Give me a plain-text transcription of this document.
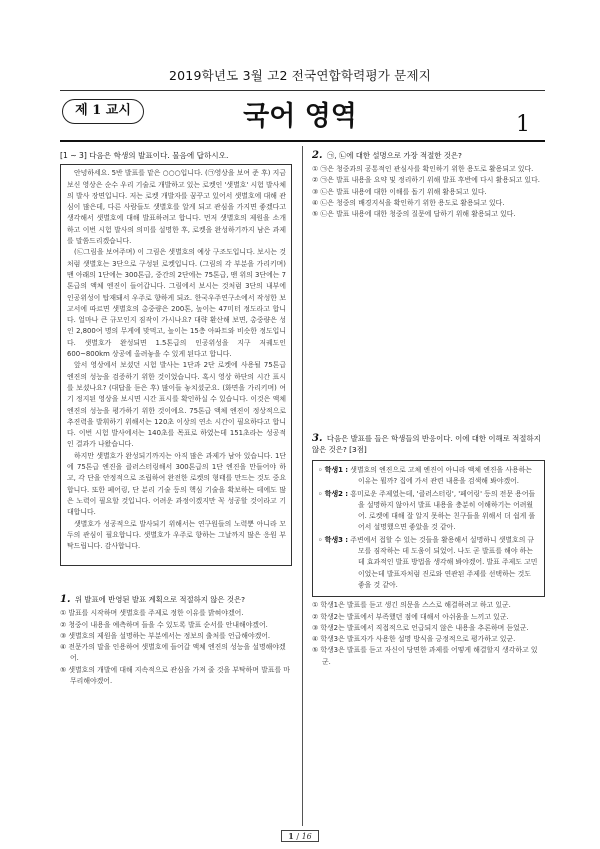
2019학년도 3월 고2 전국연합학력평가 문제지
제 1 교시	국어 영역	1
[1 ~ 3] 다음은 학생의 발표이다. 물음에 답하시오.

안녕하세요. 5반 발표를 맡은 ○○○입니다. (㉠영상을 보여 준 후) 지금 보신 영상은 순수 우리 기술로 개발하고 있는 로켓인 '샛별호' 시험 발사체의 발사 장면입니다. 저는 로켓 개발자를 꿈꾸고 있어서 샛별호에 대해 관심이 많은데, 다른 사람들도 샛별호를 알게 되고 관심을 가지면 좋겠다고 생각해서 샛별호에 대해 발표하려고 합니다. 먼저 샛별호의 제원을 소개하고 이번 시험 발사의 의미를 설명한 후, 로켓을 완성하기까지 남은 과제를 말씀드리겠습니다.

(㉡그림을 보여주며) 이 그림은 샛별호의 예상 구조도입니다. 보시는 것처럼 샛별호는 3단으로 구성된 로켓입니다. (그림의 각 부분을 가리키며) 맨 아래의 1단에는 300톤급, 중간의 2단에는 75톤급, 맨 위의 3단에는 7톤급의 액체 엔진이 들어갑니다. 그림에서 보시는 것처럼 3단의 내부에 인공위성이 탑재돼서 우주로 향하게 되죠. 한국우주연구소에서 작성한 보고서에 따르면 샛별호의 총중량은 200톤, 높이는 47미터 정도라고 합니다. 얼마나 큰 규모인지 짐작이 가시나요? 대략 환산해 보면, 총중량은 성인 2,800여 명의 무게에 맞먹고, 높이는 15층 아파트와 비슷한 정도입니다. 샛별호가 완성되면 1.5톤급의 인공위성을 지구 저궤도인 600~800km 상공에 올려놓을 수 있게 된다고 합니다.

앞서 영상에서 보셨던 시험 발사는 1단과 2단 로켓에 사용될 75톤급 엔진의 성능을 검증하기 위한 것이었습니다. 혹시 영상 하단의 시간 표시를 보셨나요? (대답을 듣은 후) 많이들 놓치셨군요. (화면을 가리키며) 여기 정지된 영상을 보시면 시간 표시를 확인하실 수 있습니다. 이것은 액체 엔진의 성능을 평가하기 위한 것이에요. 75톤급 액체 엔진이 정상적으로 추진력을 발휘하기 위해서는 120초 이상의 연소 시간이 필요하다고 합니다. 이번 시험 발사에서는 140초를 목표로 하였는데 151초라는 성공적인 결과가 나왔습니다.

하지만 샛별호가 완성되기까지는 아직 많은 과제가 남아 있습니다. 1단에 75톤급 엔진을 클러스터링해서 300톤급의 1단 엔진을 만들어야 하고, 각 단을 안정적으로 조립하여 완전한 로켓의 형태를 만드는 것도 중요합니다. 또한 페어링, 단 분리 기술 등의 핵심 기술을 확보하는 데에도 많은 노력이 필요할 것입니다. 어려운 과정이겠지만 꼭 성공할 것이라고 기대합니다.

샛별호가 성공적으로 발사되기 위해서는 연구원들의 노력뿐 아니라 모두의 관심이 필요합니다. 샛별호가 우주로 향하는 그날까지 많은 응원 부탁드립니다. 감사합니다.

1. 위 발표에 반영된 발표 계획으로 적절하지 않은 것은?
① 발표를 시작하며 샛별호를 주제로 정한 이유를 밝혀야겠어.
② 청중이 내용을 예측하며 들을 수 있도록 발표 순서를 안내해야겠어.
③ 샛별호의 제원을 설명하는 부분에서는 정보의 출처를 언급해야겠어.
④ 전문가의 말을 인용하여 샛별호에 들어갈 액체 엔진의 성능을 설명해야겠어.
⑤ 샛별호의 개발에 대해 지속적으로 관심을 가져 줄 것을 부탁하며 발표를 마무리해야겠어.
2. ㉠, ㉡에 대한 설명으로 가장 적절한 것은?
① ㉠은 청중과의 공통적인 관심사를 확인하기 위한 용도로 활용되고 있다.
② ㉠은 발표 내용을 요약 및 정리하기 위해 발표 후반에 다시 활용되고 있다.
③ ㉡은 발표 내용에 대한 이해를 돕기 위해 활용되고 있다.
④ ㉡은 청중의 배경지식을 확인하기 위한 용도로 활용되고 있다.
⑤ ㉡은 발표 내용에 대한 청중의 질문에 답하기 위해 활용되고 있다.
3. 다음은 발표를 들은 학생들의 반응이다. 이에 대한 이해로 적절하지 않은 것은? [3점]
◦ 학생1 : 샛별호의 엔진으로 고체 엔진이 아니라 액체 엔진을 사용하는 이유는 뭘까? 집에 가서 관련 내용을 검색해 봐야겠어.
◦ 학생2 : 흥미로운 주제였는데, '클러스터링', '페어링' 등의 전문 용어들을 설명하지 않아서 발표 내용을 충분히 이해하기는 어려웠어. 로켓에 대해 잘 알지 못하는 친구들을 위해서 더 쉽게 풀어서 설명했으면 좋았을 것 같아.
◦ 학생3 : 주변에서 접할 수 있는 것들을 활용해서 설명하니 샛별호의 규모를 짐작하는 데 도움이 되었어. 나도 곧 발표를 해야 하는데 효과적인 발표 방법을 생각해 봐야겠어. 발표 주제도 고민이었는데 발표자처럼 진로와 연관된 주제를 선택하는 것도 좋을 것 같아.
① 학생1은 발표를 듣고 생긴 의문을 스스로 해결하려고 하고 있군.
② 학생2는 발표에서 부족했던 점에 대해서 아쉬움을 느끼고 있군.
③ 학생2는 발표에서 직접적으로 언급되지 않은 내용을 추론하며 듣었군.
④ 학생3은 발표자가 사용한 설명 방식을 긍정적으로 평가하고 있군.
⑤ 학생3은 발표를 듣고 자신이 당면한 과제를 어떻게 해결할지 생각하고 있군.
1 / 16
